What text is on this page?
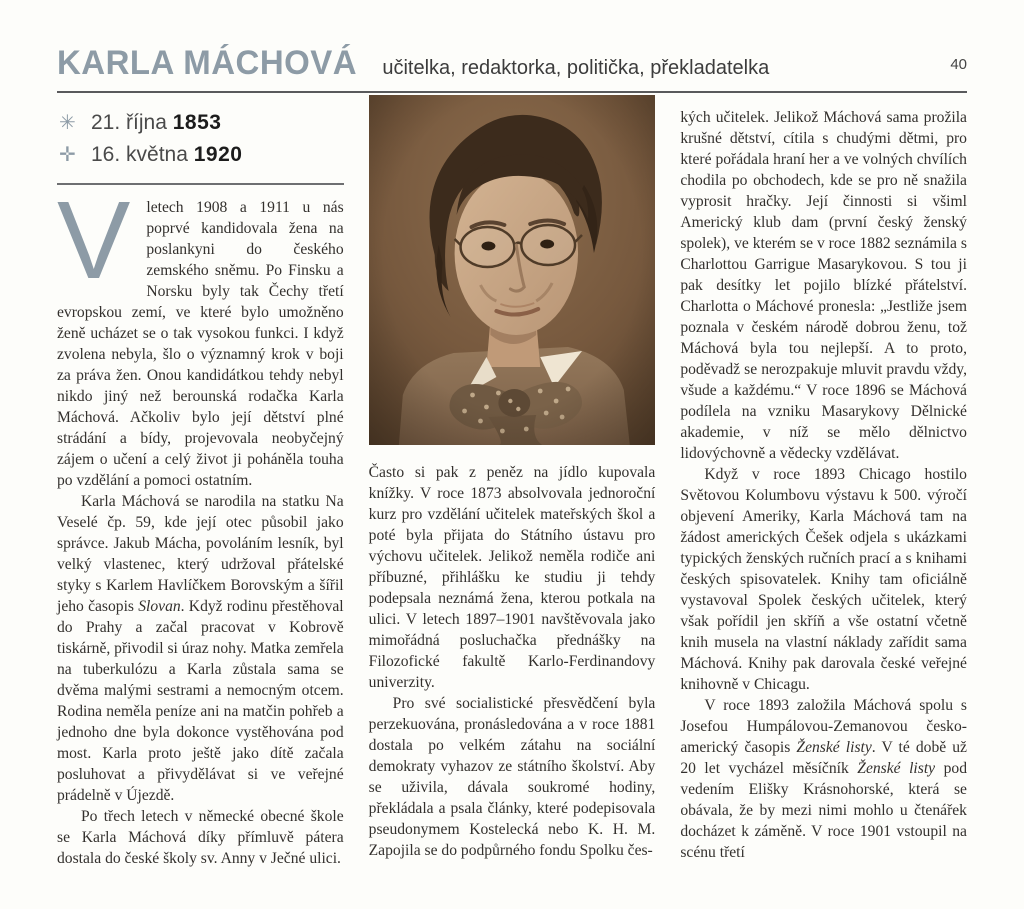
KARLA MÁCHOVÁ učitelka, redaktorka, politička, překladatelka	40
✳ 21. října 1853
✛ 16. května 1920

V letech 1908 a 1911 u nás poprvé kandidovala žena na poslankyni do českého zemského sněmu. Po Finsku a Norsku byly tak Čechy třetí evropskou zemí, ve které bylo umožněno ženě ucházet se o tak vysokou funkci. I když zvolena nebyla, šlo o významný krok v boji za práva žen. Onou kandidátkou tehdy nebyl nikdo jiný než berounská rodačka Karla Máchová. Ačkoliv bylo její dětství plné strádání a bídy, projevovala neobyčejný zájem o učení a celý život ji poháněla touha po vzdělání a pomoci ostatním.

Karla Máchová se narodila na statku Na Veselé čp. 59, kde její otec působil jako správce. Jakub Mácha, povoláním lesník, byl velký vlastenec, který udržoval přátelské styky s Karlem Havlíčkem Borovským a šířil jeho časopis Slovan. Když rodinu přestěhoval do Prahy a začal pracovat v Kobrově tiskárně, přivodil si úraz nohy. Matka zemřela na tuberkulózu a Karla zůstala sama se dvěma malými sestrami a nemocným otcem. Rodina neměla peníze ani na matčin pohřeb a jednoho dne byla dokonce vystěhována pod most. Karla proto ještě jako dítě začala posluhovat a přivydělávat si ve veřejné prádelně v Újezdě.

Po třech letech v německé obecné škole se Karla Máchová díky přímluvě pátera dostala do české školy sv. Anny v Ječné ulici.

Často si pak z peněz na jídlo kupovala knížky. V roce 1873 absolvovala jednoroční kurz pro vzdělání učitelek mateřských škol a poté byla přijata do Státního ústavu pro výchovu učitelek. Jelikož neměla rodiče ani příbuzné, přihlášku ke studiu ji tehdy podepsala neznámá žena, kterou potkala na ulici. V letech 1897–1901 navštěvovala jako mimořádná posluchačka přednášky na Filozofické fakultě Karlo-Ferdinandovy univerzity.

Pro své socialistické přesvědčení byla perzekuována, pronásledována a v roce 1881 dostala po velkém zátahu na sociální demokraty vyhazov ze státního školství. Aby se uživila, dávala soukromé hodiny, překládala a psala články, které podepisovala pseudonymem Kostelecká nebo K. H. M. Zapojila se do podpůrného fondu Spolku čes-

kých učitelek. Jelikož Máchová sama prožila krušné dětství, cítila s chudými dětmi, pro které pořádala hraní her a ve volných chvílích chodila po obchodech, kde se pro ně snažila vyprosit hračky. Její činnosti si všiml Americký klub dam (první český ženský spolek), ve kterém se v roce 1882 seznámila s Charlottou Garrigue Masarykovou. S tou ji pak desítky let pojilo blízké přátelství. Charlotta o Máchové pronesla: „Jestliže jsem poznala v českém národě dobrou ženu, tož Máchová byla tou nejlepší. A to proto, poděvadž se nerozpakuje mluvit pravdu vždy, všude a každému.“ V roce 1896 se Máchová podílela na vzniku Masarykovy Dělnické akademie, v níž se mělo dělnictvo lidovýchovně a vědecky vzdělávat.

Když v roce 1893 Chicago hostilo Světovou Kolumbovu výstavu k 500. výročí objevení Ameriky, Karla Máchová tam na žádost amerických Češek odjela s ukázkami typických ženských ručních prací a s knihami českých spisovatelek. Knihy tam oficiálně vystavoval Spolek českých učitelek, který však pořídil jen skříň a vše ostatní včetně knih musela na vlastní náklady zařídit sama Máchová. Knihy pak darovala české veřejné knihovně v Chicagu.

V roce 1893 založila Máchová spolu s Josefou Humpálovou-Zemanovou česko-americký časopis Ženské listy. V té době už 20 let vycházel měsíčník Ženské listy pod vedením Elišky Krásnohorské, která se obávala, že by mezi nimi mohlo u čtenářek docházet k záměně. V roce 1901 vstoupil na scénu třetí
